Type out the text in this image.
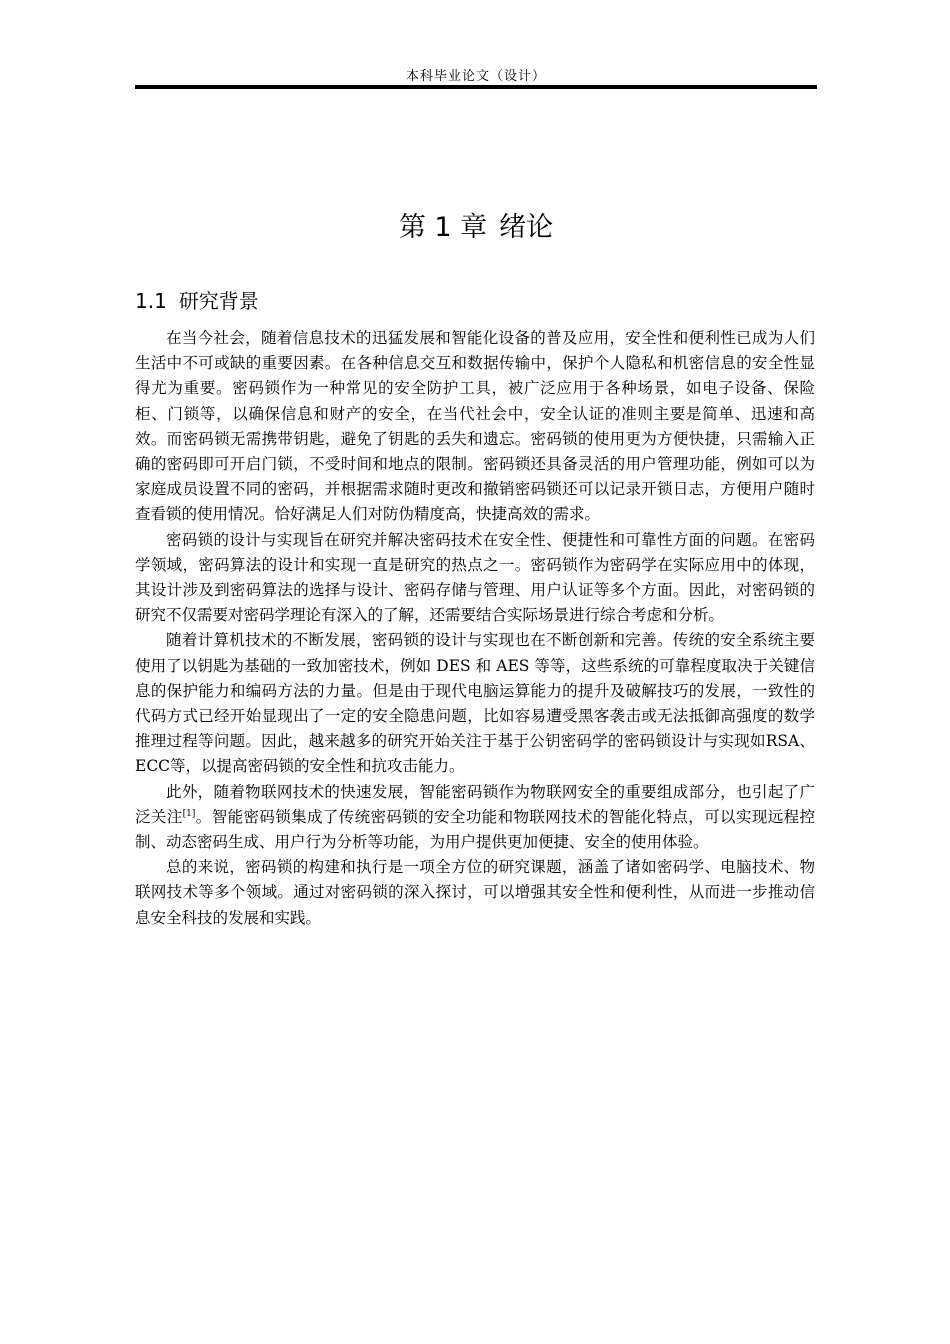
本科毕业论文（设计）
第 1 章 绪论
1.1 研究背景

在当今社会，随着信息技术的迅猛发展和智能化设备的普及应用，安全性和便利性已成为人们生活中不可或缺的重要因素。在各种信息交互和数据传输中，保护个人隐私和机密信息的安全性显得尤为重要。密码锁作为一种常见的安全防护工具，被广泛应用于各种场景，如电子设备、保险柜、门锁等，以确保信息和财产的安全，在当代社会中，安全认证的准则主要是简单、迅速和高效。而密码锁无需携带钥匙，避免了钥匙的丢失和遗忘。密码锁的使用更为方便快捷，只需输入正确的密码即可开启门锁，不受时间和地点的限制。密码锁还具备灵活的用户管理功能，例如可以为家庭成员设置不同的密码，并根据需求随时更改和撤销密码锁还可以记录开锁日志，方便用户随时查看锁的使用情况。恰好满足人们对防伪精度高，快捷高效的需求。

密码锁的设计与实现旨在研究并解决密码技术在安全性、便捷性和可靠性方面的问题。在密码学领域，密码算法的设计和实现一直是研究的热点之一。密码锁作为密码学在实际应用中的体现，其设计涉及到密码算法的选择与设计、密码存储与管理、用户认证等多个方面。因此，对密码锁的研究不仅需要对密码学理论有深入的了解，还需要结合实际场景进行综合考虑和分析。

随着计算机技术的不断发展，密码锁的设计与实现也在不断创新和完善。传统的安全系统主要使用了以钥匙为基础的一致加密技术，例如 DES 和 AES 等等，这些系统的可靠程度取决于关键信息的保护能力和编码方法的力量。但是由于现代电脑运算能力的提升及破解技巧的发展，一致性的代码方式已经开始显现出了一定的安全隐患问题，比如容易遭受黑客袭击或无法抵御高强度的数学推理过程等问题。因此，越来越多的研究开始关注于基于公钥密码学的密码锁设计与实现如RSA、ECC等，以提高密码锁的安全性和抗攻击能力。

此外，随着物联网技术的快速发展，智能密码锁作为物联网安全的重要组成部分，也引起了广泛关注[1]。智能密码锁集成了传统密码锁的安全功能和物联网技术的智能化特点，可以实现远程控制、动态密码生成、用户行为分析等功能，为用户提供更加便捷、安全的使用体验。

总的来说，密码锁的构建和执行是一项全方位的研究课题，涵盖了诸如密码学、电脑技术、物联网技术等多个领域。通过对密码锁的深入探讨，可以增强其安全性和便利性，从而进一步推动信息安全科技的发展和实践。
